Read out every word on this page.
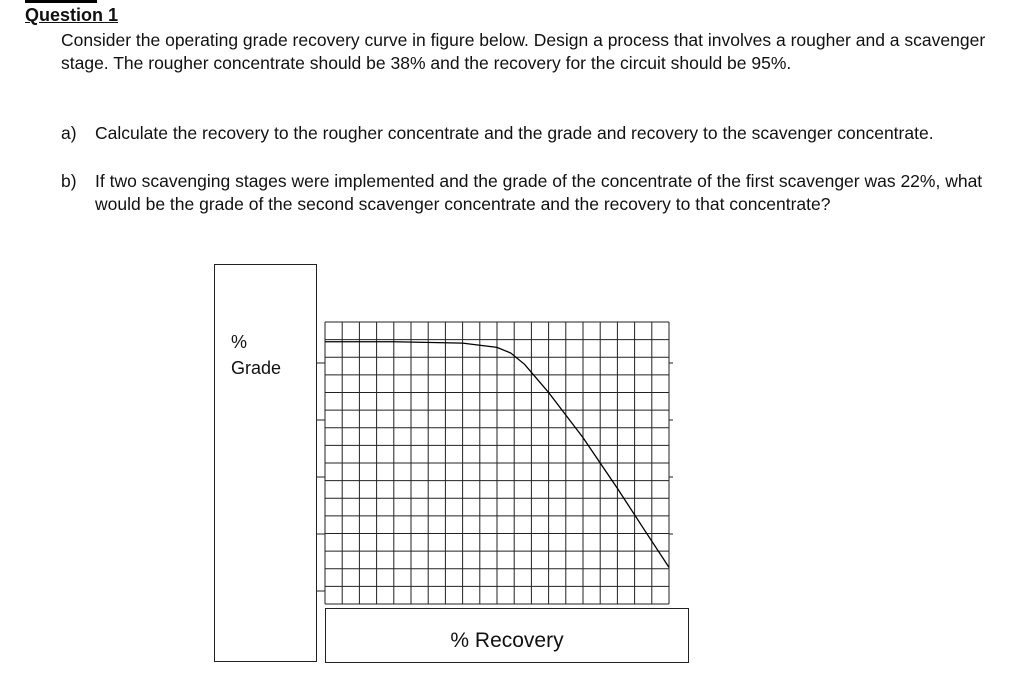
Question 1

Consider the operating grade recovery curve in figure below. Design a process that involves a rougher and a scavenger stage. The rougher concentrate should be 38% and the recovery for the circuit should be 95%.

a) Calculate the recovery to the rougher concentrate and the grade and recovery to the scavenger concentrate.

b) If two scavenging stages were implemented and the grade of the concentrate of the first scavenger was 22%, what would be the grade of the second scavenger concentrate and the recovery to that concentrate?

%
Grade
% Recovery
